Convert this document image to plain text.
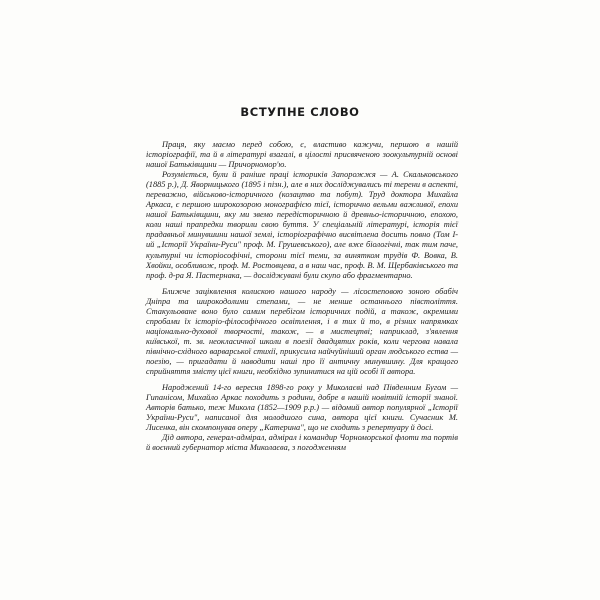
ВСТУПНЕ СЛОВО

Праця, яку маємо перед собою, є, властиво кажучи, першою в нашій історіографії, та й в літературі взагалі, в цілості присвяченою зоокультурній основі нашої Батьківщини — Причорномор'ю.

Розуміється, були й раніше праці істориків Запорожжя — А. Скальковського (1885 р.), Д. Яворницького (1895 і пізн.), але в них досліджувались ті терени в аспекті, переважно, військово-історичного (козацтво та побут). Труд доктора Михайла Аркаса, є першою широкозорою монографією тієї, історично вельми важливої, епохи нашої Батьківщини, яку ми звемо передісторичною й древньо-історичною, епохою, коли наші прапредки творили свою буття. У спеціальній літературі, історія тієї прадавньої минувшини нашої землі, історіографічно висвітлена досить повно (Том І-ий „Історії України-Руси" проф. М. Грушевського), але вже біологічні, так тим паче, культурні чи історіософічні, сторони тієї теми, за винятком трудів Ф. Вовка, В. Хвойки, особливож, проф. М. Ростовцева, а в наш час, проф. В. М. Щербаківського та проф. д-ра Я. Пастернака, — досліджувані були скупо або фрагментарно.

Ближче заціквлення колискою нашого народу — лісостеповою зоною обабіч Дніпра та широкодолими степами, — не менше останнього півстоліття. Стакульоване воно було самим перебігом історичних подій, а також, окремими спробами їх історіо-філософічного освітлення, і в тих й то, в різних напрямках національно-духової творчості, також, — в мистецтві; наприклад, з'явлення київської, т. зв. неокласичної школи в поезії двадцятих років, коли чергова навала північно-східного варварської стихії, прикусила найчуйніший орган людського ества — поезію, — пригадати й наводити наші про її античну минувшину. Для кращого сприйняття змісту цієї книги, необхідно зупинитися на цій особі її автора.

Народжений 14-го вересня 1898-го року у Миколаєві над Південним Бугом — Гипанісом, Михайло Аркас походить з родини, добре в нашій новітній історії знаної. Авторів батько, теж Микола (1852—1909 р.р.) — відомий автор популярної „Історії України-Руси", написаної для молодшого сина, автора цієї книги. Сучасник М. Лисенка, він скомпонував оперу „Катерина", що не сходить з репертуару й досі.

Дід автора, генерал-адмірал, адмірал і командир Чорноморської флоти та портів й воєнний губернатор міста Миколаєва, з погодженням
